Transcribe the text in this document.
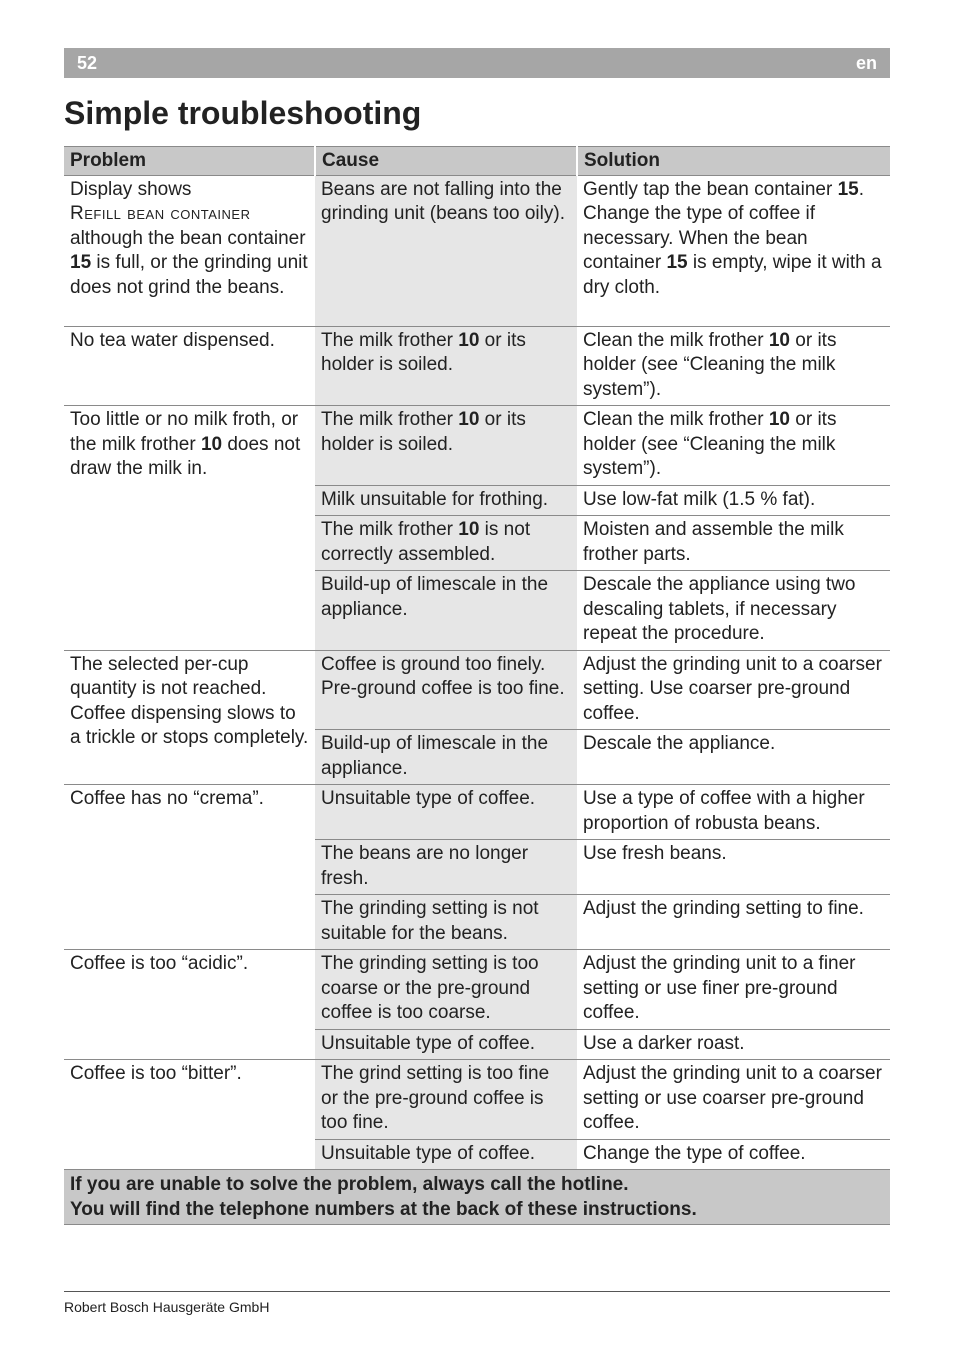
52	en
Simple troubleshooting
Problem	Cause	Solution
Display shows
Refill bean container
although the bean container 15 is full, or the grinding unit does not grind the beans.	Beans are not falling into the grinding unit (beans too oily).	Gently tap the bean container 15. Change the type of coffee if necessary. When the bean container 15 is empty, wipe it with a dry cloth.
No tea water dispensed.	The milk frother 10 or its holder is soiled.	Clean the milk frother 10 or its holder (see “Cleaning the milk system”).
Too little or no milk froth, or the milk frother 10 does not draw the milk in.	The milk frother 10 or its holder is soiled.	Clean the milk frother 10 or its holder (see “Cleaning the milk system”).
	Milk unsuitable for frothing.	Use low-fat milk (1.5 % fat).
	The milk frother 10 is not correctly assembled.	Moisten and assemble the milk frother parts.
	Build-up of limescale in the appliance.	Descale the appliance using two descaling tablets, if necessary repeat the procedure.
The selected per-cup quantity is not reached. Coffee dispensing slows to a trickle or stops completely.	Coffee is ground too finely. Pre-ground coffee is too fine.	Adjust the grinding unit to a coarser setting. Use coarser pre-ground coffee.
	Build-up of limescale in the appliance.	Descale the appliance.
Coffee has no “crema”.	Unsuitable type of coffee.	Use a type of coffee with a higher proportion of robusta beans.
	The beans are no longer fresh.	Use fresh beans.
	The grinding setting is not suitable for the beans.	Adjust the grinding setting to fine.
Coffee is too “acidic”.	The grinding setting is too coarse or the pre-ground coffee is too coarse.	Adjust the grinding unit to a finer setting or use finer pre-ground coffee.
	Unsuitable type of coffee.	Use a darker roast.
Coffee is too “bitter”.	The grind setting is too fine or the pre-ground coffee is too fine.	Adjust the grinding unit to a coarser setting or use coarser pre-ground coffee.
	Unsuitable type of coffee.	Change the type of coffee.
If you are unable to solve the problem, always call the hotline.
You will find the telephone numbers at the back of these instructions.		
Robert Bosch Hausgeräte GmbH
